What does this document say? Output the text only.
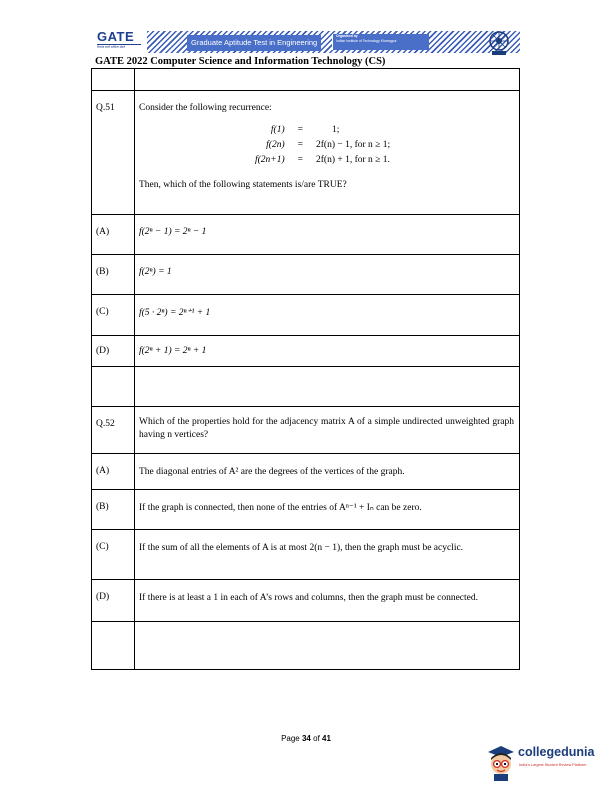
GATE
निरव्वा स्वर्ण सम्निता सेवते	Graduate Aptitude Test in Engineering
Organised by
Indian Institute of Technology Kharagpur
GATE 2022 Computer Science and Information Technology (CS)

Q.51	Consider the following recurrence:
f(1)	=	1;
f(2n)	=	2f(n) − 1, for n ≥ 1;
f(2n+1)	=	2f(n) + 1, for n ≥ 1.
Then, which of the following statements is/are TRUE?

(A)	f(2ⁿ − 1) = 2ⁿ − 1

(B)	f(2ⁿ) = 1

(C)	f(5 · 2ⁿ) = 2ⁿ⁺¹ + 1

(D)	f(2ⁿ + 1) = 2ⁿ + 1

Q.52	Which of the properties hold for the adjacency matrix A of a simple undirected unweighted graph having n vertices?

(A)	The diagonal entries of A² are the degrees of the vertices of the graph.

(B)	If the graph is connected, then none of the entries of Aⁿ⁻¹ + Iₙ can be zero.

(C)	If the sum of all the elements of A is at most 2(n − 1), then the graph must be acyclic.

(D)	If there is at least a 1 in each of A’s rows and columns, then the graph must be connected.

Page 34 of 41
collegedunia
India's Largest Student Review Platform
